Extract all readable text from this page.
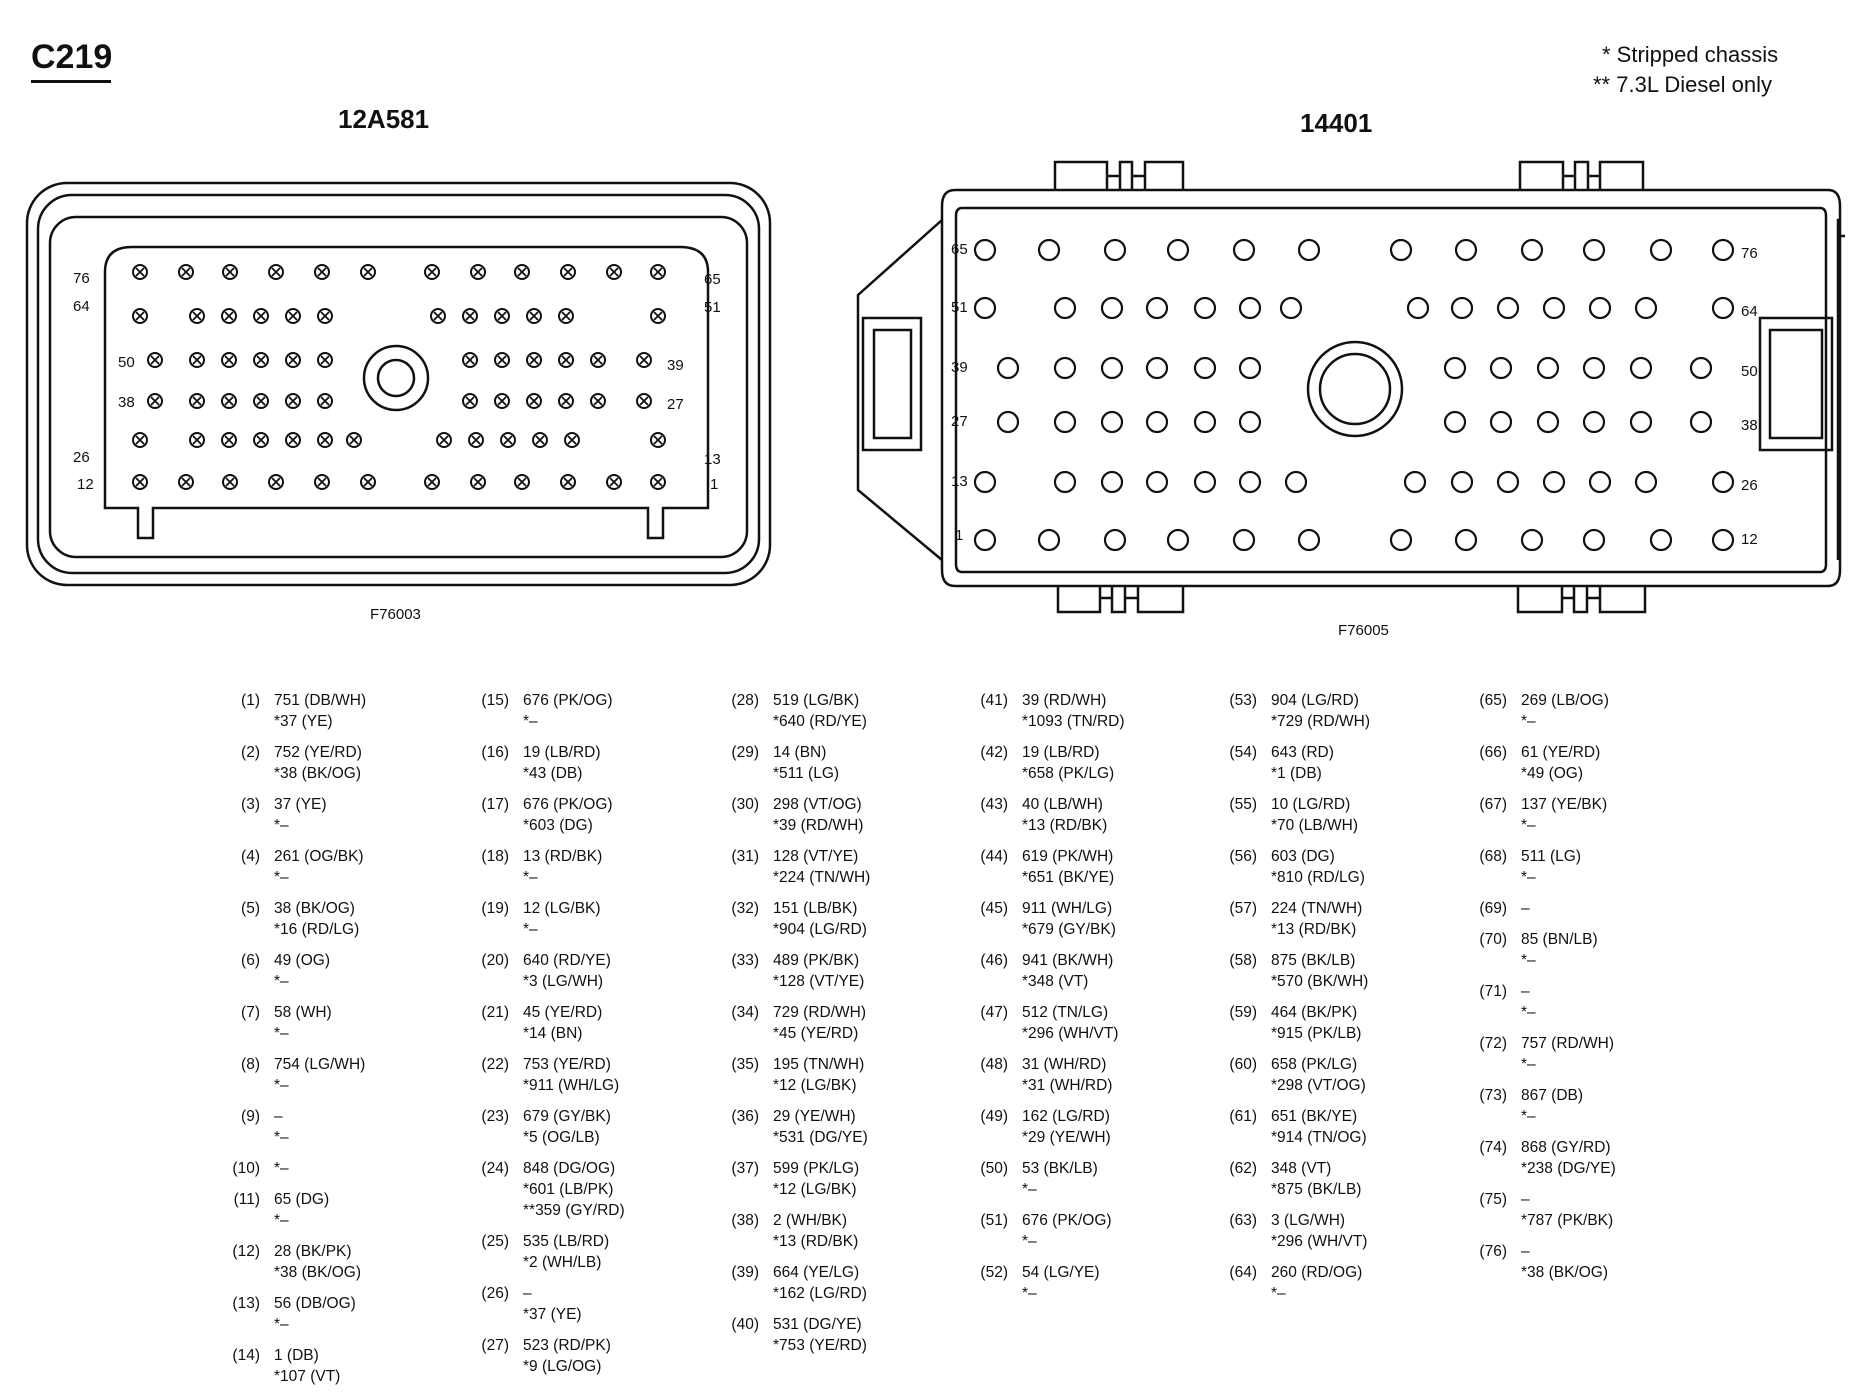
C219	* Stripped chassis
** 7.3L Diesel only
12A581	14401
76
64
50
38
26
12
65
51
39
27
13
1
65
51
39
27
13
1
76
64
50
38
26
12
F76003
F76005
(1) 751 (DB/WH)
*37 (YE)
(2) 752 (YE/RD)
*38 (BK/OG)
(3) 37 (YE)
*–
(4) 261 (OG/BK)
*–
(5) 38 (BK/OG)
*16 (RD/LG)
(6) 49 (OG)
*–
(7) 58 (WH)
*–
(8) 754 (LG/WH)
*–
(9) –
*–
(10) *–
(11) 65 (DG)
*–
(12) 28 (BK/PK)
*38 (BK/OG)
(13) 56 (DB/OG)
*–
(14) 1 (DB)
*107 (VT)
(15) 676 (PK/OG)
*–
(16) 19 (LB/RD)
*43 (DB)
(17) 676 (PK/OG)
*603 (DG)
(18) 13 (RD/BK)
*–
(19) 12 (LG/BK)
*–
(20) 640 (RD/YE)
*3 (LG/WH)
(21) 45 (YE/RD)
*14 (BN)
(22) 753 (YE/RD)
*911 (WH/LG)
(23) 679 (GY/BK)
*5 (OG/LB)
(24) 848 (DG/OG)
*601 (LB/PK)
**359 (GY/RD)
(25) 535 (LB/RD)
*2 (WH/LB)
(26) –
*37 (YE)
(27) 523 (RD/PK)
*9 (LG/OG)
(28) 519 (LG/BK)
*640 (RD/YE)
(29) 14 (BN)
*511 (LG)
(30) 298 (VT/OG)
*39 (RD/WH)
(31) 128 (VT/YE)
*224 (TN/WH)
(32) 151 (LB/BK)
*904 (LG/RD)
(33) 489 (PK/BK)
*128 (VT/YE)
(34) 729 (RD/WH)
*45 (YE/RD)
(35) 195 (TN/WH)
*12 (LG/BK)
(36) 29 (YE/WH)
*531 (DG/YE)
(37) 599 (PK/LG)
*12 (LG/BK)
(38) 2 (WH/BK)
*13 (RD/BK)
(39) 664 (YE/LG)
*162 (LG/RD)
(40) 531 (DG/YE)
*753 (YE/RD)
(41) 39 (RD/WH)
*1093 (TN/RD)
(42) 19 (LB/RD)
*658 (PK/LG)
(43) 40 (LB/WH)
*13 (RD/BK)
(44) 619 (PK/WH)
*651 (BK/YE)
(45) 911 (WH/LG)
*679 (GY/BK)
(46) 941 (BK/WH)
*348 (VT)
(47) 512 (TN/LG)
*296 (WH/VT)
(48) 31 (WH/RD)
*31 (WH/RD)
(49) 162 (LG/RD)
*29 (YE/WH)
(50) 53 (BK/LB)
*–
(51) 676 (PK/OG)
*–
(52) 54 (LG/YE)
*–
(53) 904 (LG/RD)
*729 (RD/WH)
(54) 643 (RD)
*1 (DB)
(55) 10 (LG/RD)
*70 (LB/WH)
(56) 603 (DG)
*810 (RD/LG)
(57) 224 (TN/WH)
*13 (RD/BK)
(58) 875 (BK/LB)
*570 (BK/WH)
(59) 464 (BK/PK)
*915 (PK/LB)
(60) 658 (PK/LG)
*298 (VT/OG)
(61) 651 (BK/YE)
*914 (TN/OG)
(62) 348 (VT)
*875 (BK/LB)
(63) 3 (LG/WH)
*296 (WH/VT)
(64) 260 (RD/OG)
*–
(65) 269 (LB/OG)
*–
(66) 61 (YE/RD)
*49 (OG)
(67) 137 (YE/BK)
*–
(68) 511 (LG)
*–
(69) –
(70) 85 (BN/LB)
*–
(71) –
*–
(72) 757 (RD/WH)
*–
(73) 867 (DB)
*–
(74) 868 (GY/RD)
*238 (DG/YE)
(75) –
*787 (PK/BK)
(76) –
*38 (BK/OG)
